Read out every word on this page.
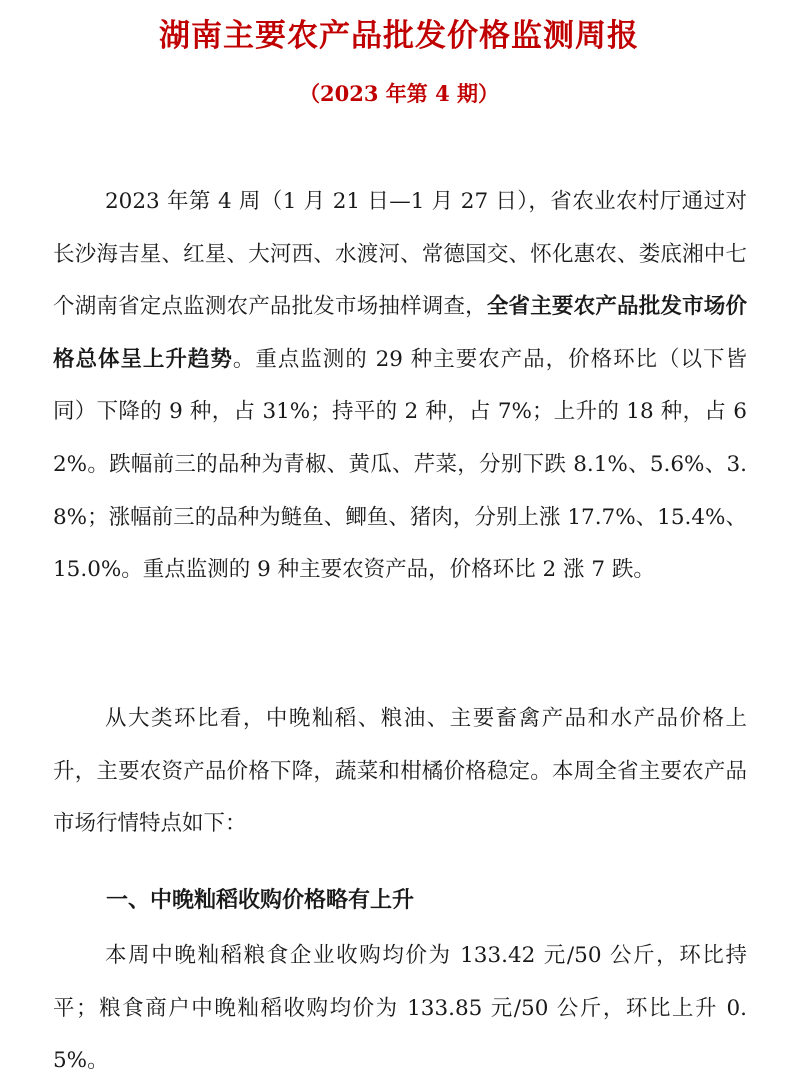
湖南主要农产品批发价格监测周报
（2023 年第 4 期）

2023 年第 4 周（1 月 21 日—1 月 27 日），省农业农村厅通过对长沙海吉星、红星、大河西、水渡河、常德国交、怀化惠农、娄底湘中七个湖南省定点监测农产品批发市场抽样调查，全省主要农产品批发市场价格总体呈上升趋势。重点监测的 29 种主要农产品，价格环比（以下皆同）下降的 9 种，占 31%；持平的 2 种，占 7%；上升的 18 种，占 62%。跌幅前三的品种为青椒、黄瓜、芹菜，分别下跌 8.1%、5.6%、3.8%；涨幅前三的品种为鲢鱼、鲫鱼、猪肉，分别上涨 17.7%、15.4%、15.0%。重点监测的 9 种主要农资产品，价格环比 2 涨 7 跌。

从大类环比看，中晚籼稻、粮油、主要畜禽产品和水产品价格上升，主要农资产品价格下降，蔬菜和柑橘价格稳定。本周全省主要农产品市场行情特点如下：

一、中晚籼稻收购价格略有上升

本周中晚籼稻粮食企业收购均价为 133.42 元/50 公斤，环比持平；粮食商户中晚籼稻收购均价为 133.85 元/50 公斤，环比上升 0.5%。
